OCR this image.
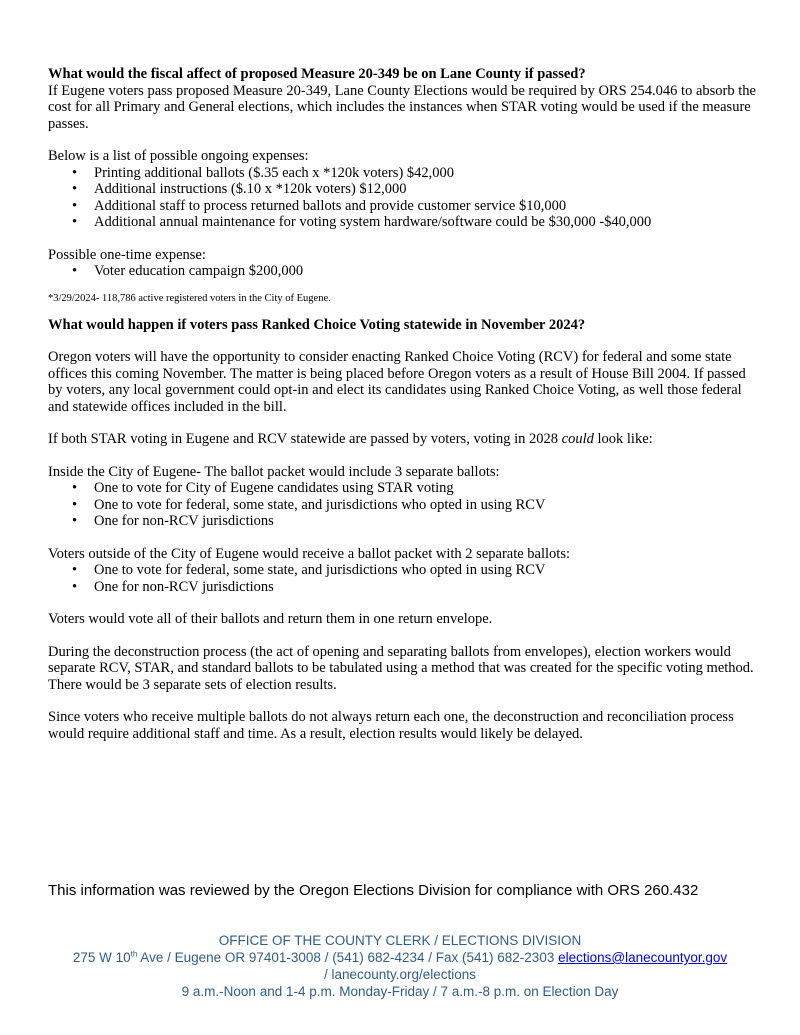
What would the fiscal affect of proposed Measure 20-349 be on Lane County if passed?

If Eugene voters pass proposed Measure 20-349, Lane County Elections would be required by ORS 254.046 to absorb the cost for all Primary and General elections, which includes the instances when STAR voting would be used if the measure passes.

Below is a list of possible ongoing expenses:

• Printing additional ballots ($.35 each x *120k voters) $42,000
• Additional instructions ($.10 x *120k voters) $12,000
• Additional staff to process returned ballots and provide customer service $10,000
• Additional annual maintenance for voting system hardware/software could be $30,000 -$40,000

Possible one-time expense:

• Voter education campaign $200,000

*3/29/2024- 118,786 active registered voters in the City of Eugene.

What would happen if voters pass Ranked Choice Voting statewide in November 2024?

Oregon voters will have the opportunity to consider enacting Ranked Choice Voting (RCV) for federal and some state offices this coming November. The matter is being placed before Oregon voters as a result of House Bill 2004. If passed by voters, any local government could opt-in and elect its candidates using Ranked Choice Voting, as well those federal and statewide offices included in the bill.

If both STAR voting in Eugene and RCV statewide are passed by voters, voting in 2028 could look like:

Inside the City of Eugene- The ballot packet would include 3 separate ballots:

• One to vote for City of Eugene candidates using STAR voting
• One to vote for federal, some state, and jurisdictions who opted in using RCV
• One for non-RCV jurisdictions

Voters outside of the City of Eugene would receive a ballot packet with 2 separate ballots:

• One to vote for federal, some state, and jurisdictions who opted in using RCV
• One for non-RCV jurisdictions

Voters would vote all of their ballots and return them in one return envelope.

During the deconstruction process (the act of opening and separating ballots from envelopes), election workers would separate RCV, STAR, and standard ballots to be tabulated using a method that was created for the specific voting method. There would be 3 separate sets of election results.

Since voters who receive multiple ballots do not always return each one, the deconstruction and reconciliation process would require additional staff and time. As a result, election results would likely be delayed.

This information was reviewed by the Oregon Elections Division for compliance with ORS 260.432

OFFICE OF THE COUNTY CLERK / ELECTIONS DIVISION
275 W 10th Ave / Eugene OR 97401-3008 / (541) 682-4234 / Fax (541) 682-2303 elections@lanecountyor.gov
/ lanecounty.org/elections
9 a.m.-Noon and 1-4 p.m. Monday-Friday / 7 a.m.-8 p.m. on Election Day
